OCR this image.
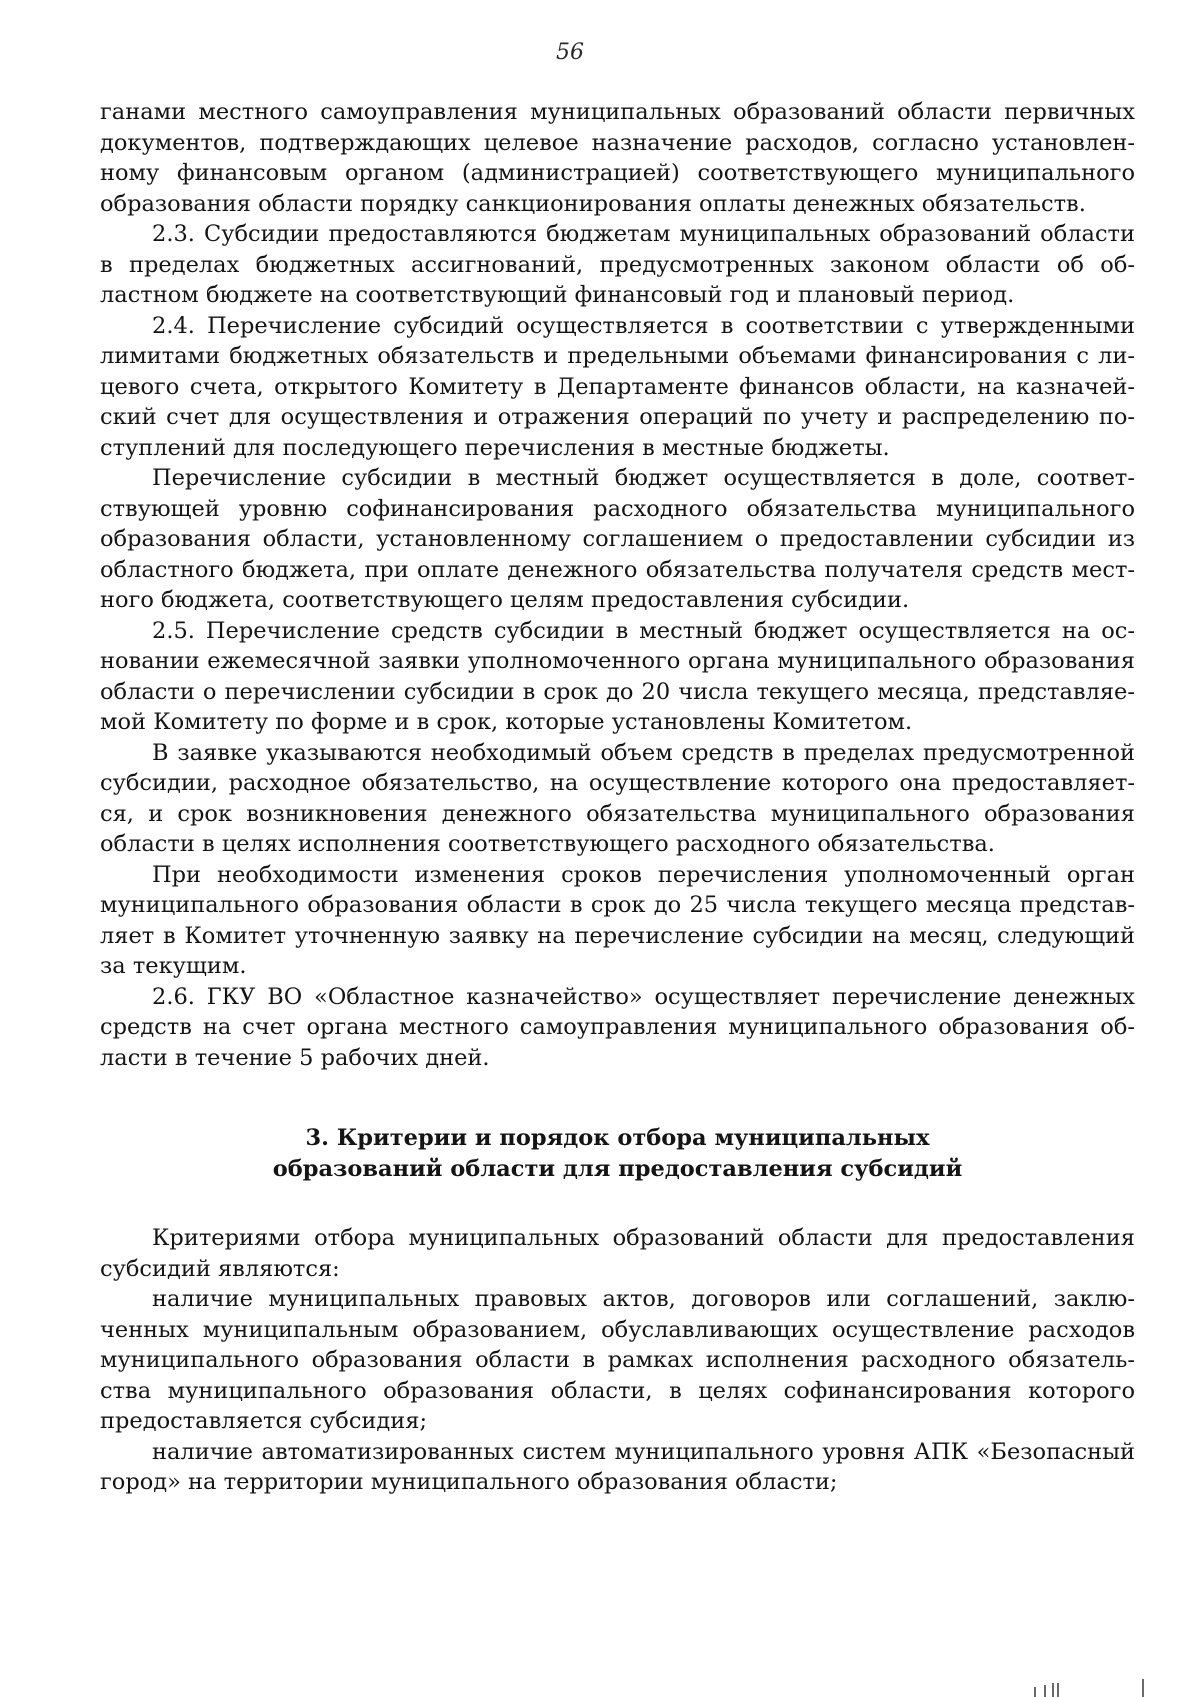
56

ганами местного самоуправления муниципальных образований области первичных документов, подтверждающих целевое назначение расходов, согласно установленному финансовым органом (администрацией) соответствующего муниципального образования области порядку санкционирования оплаты денежных обязательств.

2.3. Субсидии предоставляются бюджетам муниципальных образований области в пределах бюджетных ассигнований, предусмотренных законом области об областном бюджете на соответствующий финансовый год и плановый период.

2.4. Перечисление субсидий осуществляется в соответствии с утвержденными лимитами бюджетных обязательств и предельными объемами финансирования с лицевого счета, открытого Комитету в Департаменте финансов области, на казначейский счет для осуществления и отражения операций по учету и распределению поступлений для последующего перечисления в местные бюджеты.

Перечисление субсидии в местный бюджет осуществляется в доле, соответствующей уровню софинансирования расходного обязательства муниципального образования области, установленному соглашением о предоставлении субсидии из областного бюджета, при оплате денежного обязательства получателя средств местного бюджета, соответствующего целям предоставления субсидии.

2.5. Перечисление средств субсидии в местный бюджет осуществляется на основании ежемесячной заявки уполномоченного органа муниципального образования области о перечислении субсидии в срок до 20 числа текущего месяца, представляемой Комитету по форме и в срок, которые установлены Комитетом.

В заявке указываются необходимый объем средств в пределах предусмотренной субсидии, расходное обязательство, на осуществление которого она предоставляется, и срок возникновения денежного обязательства муниципального образования области в целях исполнения соответствующего расходного обязательства.

При необходимости изменения сроков перечисления уполномоченный орган муниципального образования области в срок до 25 числа текущего месяца представляет в Комитет уточненную заявку на перечисление субсидии на месяц, следующий за текущим.

2.6. ГКУ ВО «Областное казначейство» осуществляет перечисление денежных средств на счет органа местного самоуправления муниципального образования области в течение 5 рабочих дней.

3. Критерии и порядок отбора муниципальных
образований области для предоставления субсидий

Критериями отбора муниципальных образований области для предоставления субсидий являются:

наличие муниципальных правовых актов, договоров или соглашений, заключенных муниципальным образованием, обуславливающих осуществление расходов муниципального образования области в рамках исполнения расходного обязательства муниципального образования области, в целях софинансирования которого предоставляется субсидия;

наличие автоматизированных систем муниципального уровня АПК «Безопасный город» на территории муниципального образования области;
